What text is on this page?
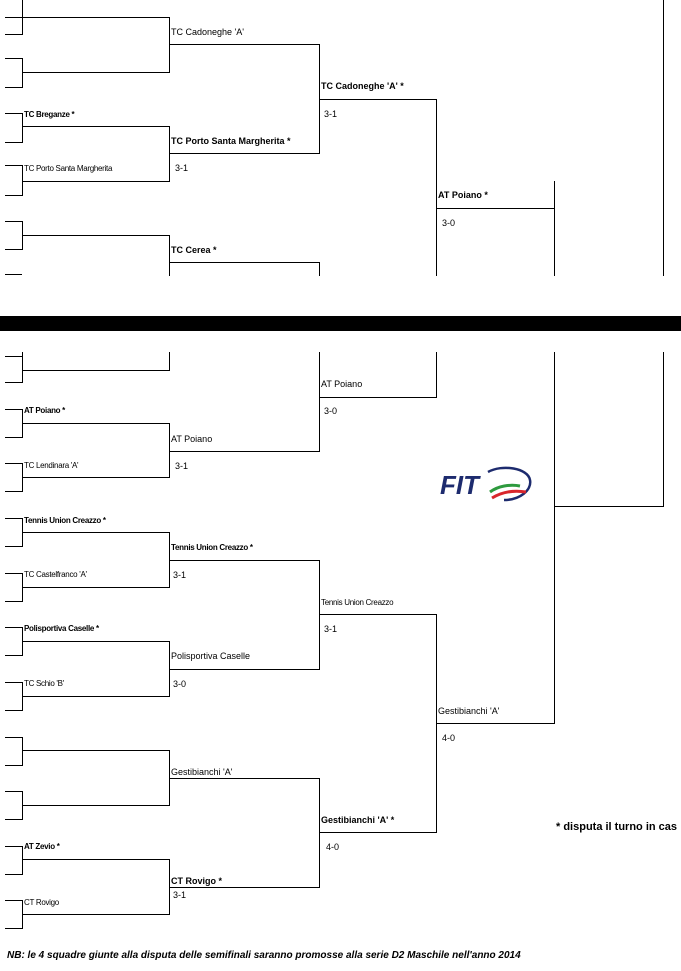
TC Breganze *
TC Porto Santa Margherita
TC Cadoneghe 'A'
TC Porto Santa Margherita *
3-1
TC Cerea *
TC Cadoneghe 'A' *
3-1
AT Poiano *
3-0
AT Poiano *
TC Lendinara 'A'
Tennis Union Creazzo *
TC Castelfranco 'A'
Polisportiva Caselle *
TC Schio 'B'
AT Zevio *
CT Rovigo
AT Poiano
3-1
Tennis Union Creazzo *
3-1
Polisportiva Caselle
3-0
Gestibianchi 'A'
CT Rovigo *
3-1
AT Poiano
3-0
Tennis Union Creazzo
3-1
Gestibianchi 'A' *
4-0
Gestibianchi 'A'
4-0
FIT
* disputa il turno in cas
NB: le 4 squadre giunte alla disputa delle semifinali saranno promosse alla serie D2 Maschile nell'anno 2014
